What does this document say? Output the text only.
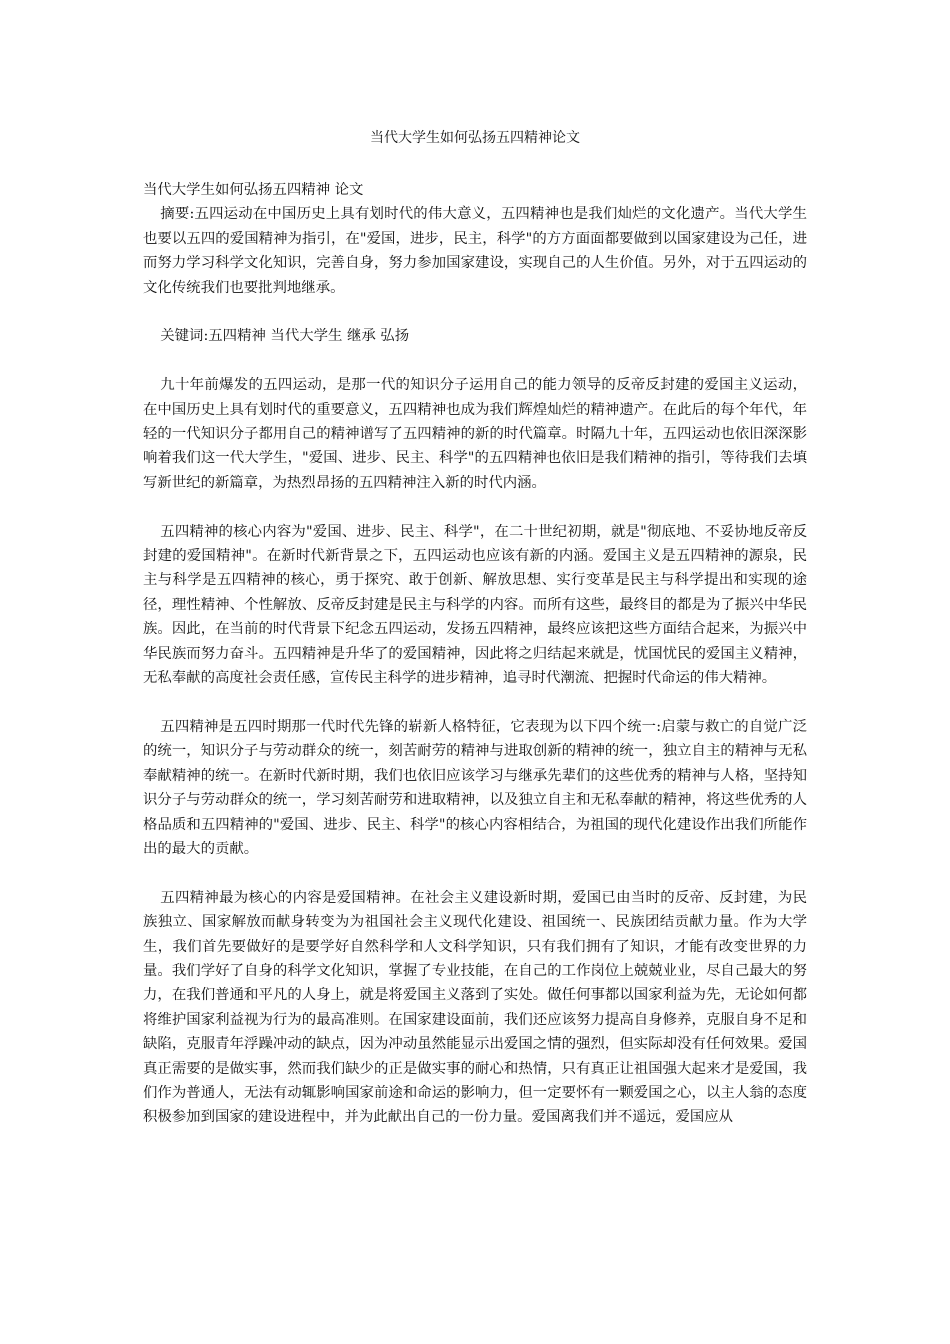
当代大学生如何弘扬五四精神论文

当代大学生如何弘扬五四精神 论文

摘要:五四运动在中国历史上具有划时代的伟大意义，五四精神也是我们灿烂的文化遗产。当代大学生也要以五四的爱国精神为指引，在"爱国，进步，民主，科学"的方方面面都要做到以国家建设为己任，进而努力学习科学文化知识，完善自身，努力参加国家建设，实现自己的人生价值。另外，对于五四运动的文化传统我们也要批判地继承。

关键词:五四精神 当代大学生 继承 弘扬

九十年前爆发的五四运动，是那一代的知识分子运用自己的能力领导的反帝反封建的爱国主义运动，在中国历史上具有划时代的重要意义，五四精神也成为我们辉煌灿烂的精神遗产。在此后的每个年代，年轻的一代知识分子都用自己的精神谱写了五四精神的新的时代篇章。时隔九十年，五四运动也依旧深深影响着我们这一代大学生，"爱国、进步、民主、科学"的五四精神也依旧是我们精神的指引，等待我们去填写新世纪的新篇章，为热烈昂扬的五四精神注入新的时代内涵。

五四精神的核心内容为"爱国、进步、民主、科学"，在二十世纪初期，就是"彻底地、不妥协地反帝反封建的爱国精神"。在新时代新背景之下，五四运动也应该有新的内涵。爱国主义是五四精神的源泉，民主与科学是五四精神的核心，勇于探究、敢于创新、解放思想、实行变革是民主与科学提出和实现的途径，理性精神、个性解放、反帝反封建是民主与科学的内容。而所有这些，最终目的都是为了振兴中华民族。因此，在当前的时代背景下纪念五四运动，发扬五四精神，最终应该把这些方面结合起来，为振兴中华民族而努力奋斗。五四精神是升华了的爱国精神，因此将之归结起来就是，忧国忧民的爱国主义精神，无私奉献的高度社会责任感，宣传民主科学的进步精神，追寻时代潮流、把握时代命运的伟大精神。

五四精神是五四时期那一代时代先锋的崭新人格特征，它表现为以下四个统一:启蒙与救亡的自觉广泛的统一，知识分子与劳动群众的统一，刻苦耐劳的精神与进取创新的精神的统一，独立自主的精神与无私奉献精神的统一。在新时代新时期，我们也依旧应该学习与继承先辈们的这些优秀的精神与人格，坚持知识分子与劳动群众的统一，学习刻苦耐劳和进取精神，以及独立自主和无私奉献的精神，将这些优秀的人格品质和五四精神的"爱国、进步、民主、科学"的核心内容相结合，为祖国的现代化建设作出我们所能作出的最大的贡献。

五四精神最为核心的内容是爱国精神。在社会主义建设新时期，爱国已由当时的反帝、反封建，为民族独立、国家解放而献身转变为为祖国社会主义现代化建设、祖国统一、民族团结贡献力量。作为大学生，我们首先要做好的是要学好自然科学和人文科学知识，只有我们拥有了知识，才能有改变世界的力量。我们学好了自身的科学文化知识，掌握了专业技能，在自己的工作岗位上兢兢业业，尽自己最大的努力，在我们普通和平凡的人身上，就是将爱国主义落到了实处。做任何事都以国家利益为先，无论如何都将维护国家利益视为行为的最高准则。在国家建设面前，我们还应该努力提高自身修养，克服自身不足和缺陷，克服青年浮躁冲动的缺点，因为冲动虽然能显示出爱国之情的强烈，但实际却没有任何效果。爱国真正需要的是做实事，然而我们缺少的正是做实事的耐心和热情，只有真正让祖国强大起来才是爱国，我们作为普通人，无法有动辄影响国家前途和命运的影响力，但一定要怀有一颗爱国之心，以主人翁的态度积极参加到国家的建设进程中，并为此献出自己的一份力量。爱国离我们并不遥远，爱国应从
